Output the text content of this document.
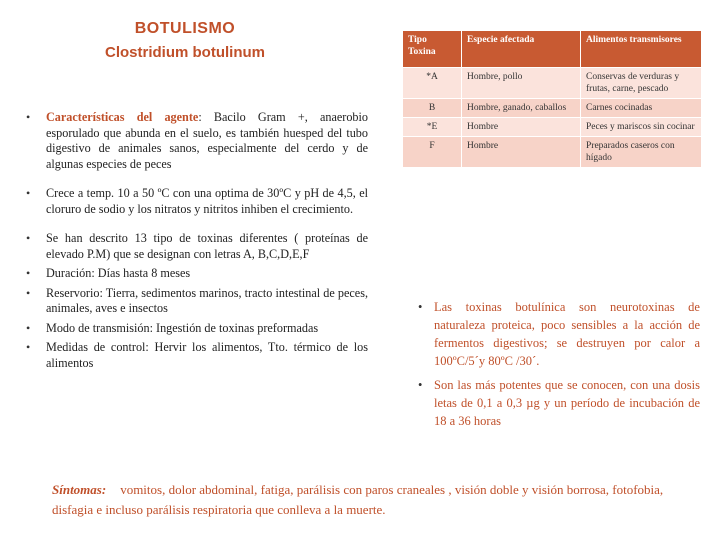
BOTULISMO
Clostridium botulinum
• Características del agente: Bacilo Gram +, anaerobio esporulado que abunda en el suelo, es también huesped del tubo digestivo de animales sanos, especialmente del cerdo y de algunas especies de peces
• Crece a temp. 10 a 50 ºC con una optima de 30ºC y pH de 4,5, el cloruro de sodio y los nitratos y nitritos inhiben el crecimiento.
• Se han descrito 13 tipo de toxinas diferentes ( proteínas de elevado P.M) que se designan con letras A, B,C,D,E,F
• Duración: Días hasta 8 meses
• Reservorio: Tierra, sedimentos marinos, tracto intestinal de peces, animales, aves e insectos
• Modo de transmisión: Ingestión de toxinas preformadas
• Medidas de control: Hervir los alimentos, Tto. térmico de los alimentos
Tipo Toxina	Especie afectada	Alimentos transmisores
*A	Hombre, pollo	Conservas de verduras y frutas, carne, pescado
B	Hombre, ganado, caballos	Carnes cocinadas
*E	Hombre	Peces y mariscos sin cocinar
F	Hombre	Preparados caseros con hígado
• Las toxinas botulínica son neurotoxinas de naturaleza proteica, poco sensibles a la acción de fermentos digestivos; se destruyen por calor a 100ºC/5´y 80ºC /30´.
• Son las más potentes que se conocen, con una dosis letas de 0,1 a 0,3 µg y un período de incubación de 18 a 36 horas
Síntomas: vomitos, dolor abdominal, fatiga, parálisis con paros craneales , visión doble y visión borrosa, fotofobia, disfagia e incluso parálisis respiratoria que conlleva a la muerte.
